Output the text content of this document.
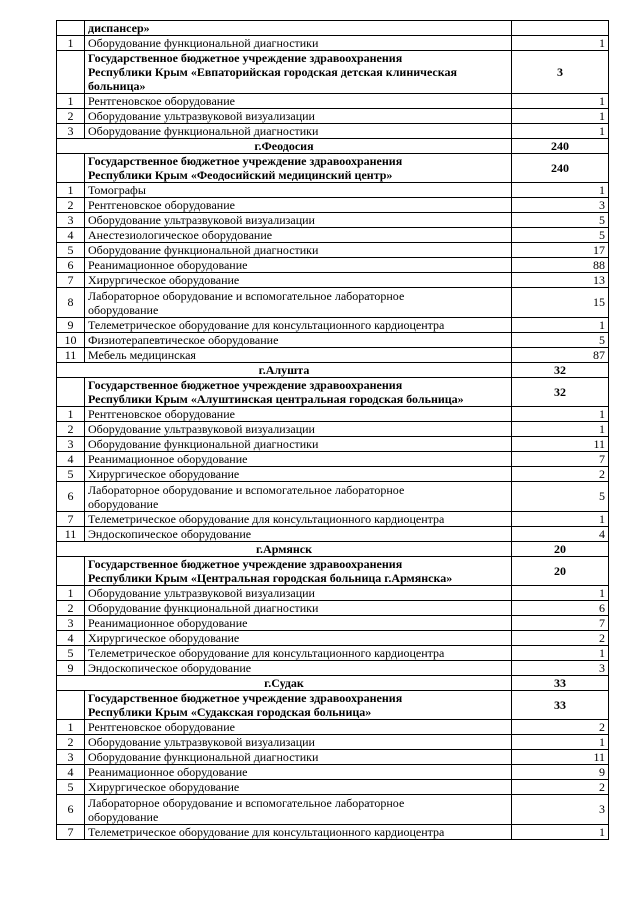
	диспансер»	
1	Оборудование функциональной диагностики	1
	Государственное бюджетное учреждение здравоохранения
Республики Крым «Евпаторийская городская детская клиническая
больница»	3
1	Рентгеновское оборудование	1
2	Оборудование ультразвуковой визуализации	1
3	Оборудование функциональной диагностики	1
г.Феодосия		240
	Государственное бюджетное учреждение здравоохранения
Республики Крым «Феодосийский медицинский центр»	240
1	Томографы	1
2	Рентгеновское оборудование	3
3	Оборудование ультразвуковой визуализации	5
4	Анестезиологическое оборудование	5
5	Оборудование функциональной диагностики	17
6	Реанимационное оборудование	88
7	Хирургическое оборудование	13
8	Лабораторное оборудование и вспомогательное лабораторное
оборудование	15
9	Телеметрическое оборудование для консультационного кардиоцентра	1
10	Физиотерапевтическое оборудование	5
11	Мебель медицинская	87
г.Алушта		32
	Государственное бюджетное учреждение здравоохранения
Республики Крым «Алуштинская центральная городская больница»	32
1	Рентгеновское оборудование	1
2	Оборудование ультразвуковой визуализации	1
3	Оборудование функциональной диагностики	11
4	Реанимационное оборудование	7
5	Хирургическое оборудование	2
6	Лабораторное оборудование и вспомогательное лабораторное
оборудование	5
7	Телеметрическое оборудование для консультационного кардиоцентра	1
11	Эндоскопическое оборудование	4
г.Армянск		20
	Государственное бюджетное учреждение здравоохранения
Республики Крым «Центральная городская больница г.Армянска»	20
1	Оборудование ультразвуковой визуализации	1
2	Оборудование функциональной диагностики	6
3	Реанимационное оборудование	7
4	Хирургическое оборудование	2
5	Телеметрическое оборудование для консультационного кардиоцентра	1
9	Эндоскопическое оборудование	3
г.Судак		33
	Государственное бюджетное учреждение здравоохранения
Республики Крым «Судакская городская больница»	33
1	Рентгеновское оборудование	2
2	Оборудование ультразвуковой визуализации	1
3	Оборудование функциональной диагностики	11
4	Реанимационное оборудование	9
5	Хирургическое оборудование	2
6	Лабораторное оборудование и вспомогательное лабораторное
оборудование	3
7	Телеметрическое оборудование для консультационного кардиоцентра	1
